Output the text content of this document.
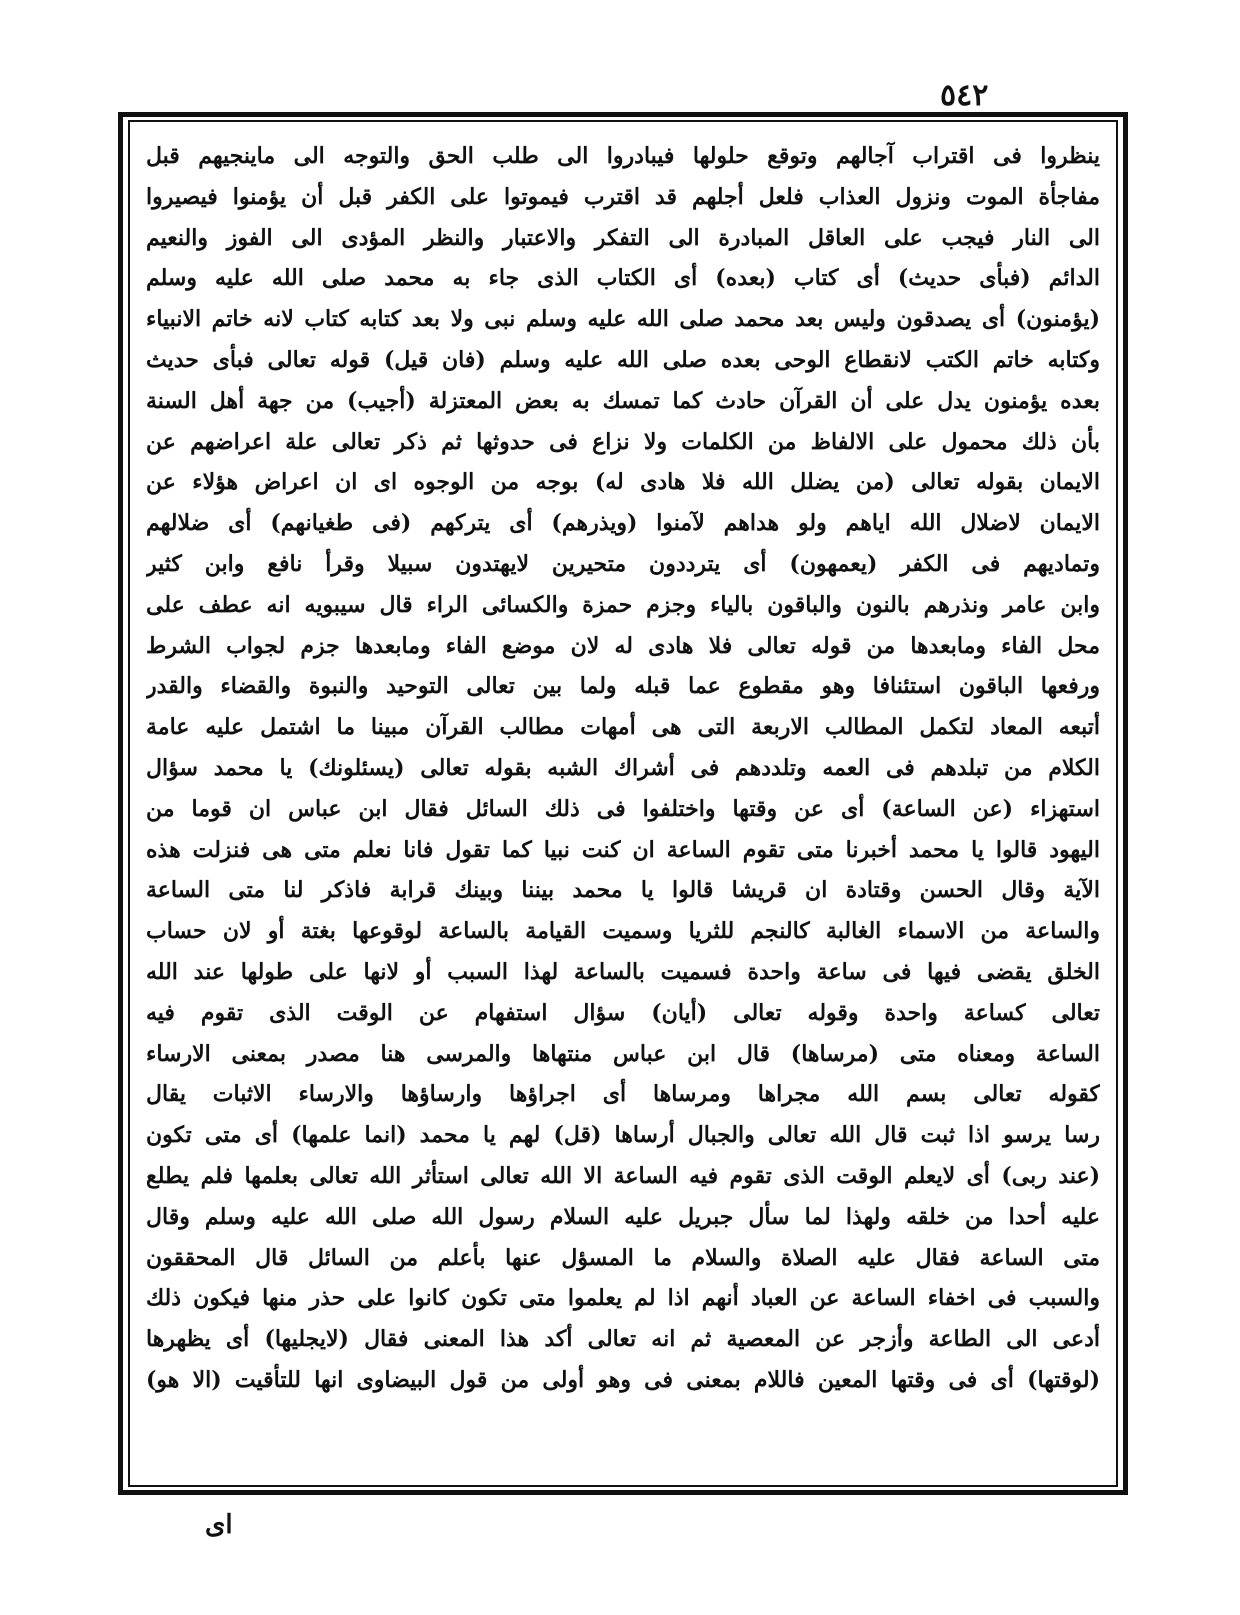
٥٤٢
ينظروا فى اقتراب آجالهم وتوقع حلولها فيبادروا الى طلب الحق والتوجه الى ماينجيهم قبل
مفاجأة الموت ونزول العذاب فلعل أجلهم قد اقترب فيموتوا على الكفر قبل أن يؤمنوا فيصيروا
الى النار فيجب على العاقل المبادرة الى التفكر والاعتبار والنظر المؤدى الى الفوز والنعيم
الدائم (فبأى حديث) أى كتاب (بعده) أى الكتاب الذى جاء به محمد صلى الله عليه وسلم
(يؤمنون) أى يصدقون وليس بعد محمد صلى الله عليه وسلم نبى ولا بعد كتابه كتاب لانه خاتم الانبياء
وكتابه خاتم الكتب لانقطاع الوحى بعده صلى الله عليه وسلم (فان قيل) قوله تعالى فبأى حديث
بعده يؤمنون يدل على أن القرآن حادث كما تمسك به بعض المعتزلة (أجيب) من جهة أهل السنة
بأن ذلك محمول على الالفاظ من الكلمات ولا نزاع فى حدوثها ثم ذكر تعالى علة اعراضهم عن
الايمان بقوله تعالى (من يضلل الله فلا هادى له) بوجه من الوجوه اى ان اعراض هؤلاء عن
الايمان لاضلال الله اياهم ولو هداهم لآمنوا (ويذرهم) أى يتركهم (فى طغيانهم) أى ضلالهم
وتماديهم فى الكفر (يعمهون) أى يترددون متحيرين لايهتدون سبيلا وقرأ نافع وابن كثير
وابن عامر ونذرهم بالنون والباقون بالياء وجزم حمزة والكسائى الراء قال سيبويه انه عطف على
محل الفاء ومابعدها من قوله تعالى فلا هادى له لان موضع الفاء ومابعدها جزم لجواب الشرط
ورفعها الباقون استئنافا وهو مقطوع عما قبله ولما بين تعالى التوحيد والنبوة والقضاء والقدر
أتبعه المعاد لتكمل المطالب الاربعة التى هى أمهات مطالب القرآن مبينا ما اشتمل عليه عامة
الكلام من تبلدهم فى العمه وتلددهم فى أشراك الشبه بقوله تعالى (يسئلونك) يا محمد سؤال
استهزاء (عن الساعة) أى عن وقتها واختلفوا فى ذلك السائل فقال ابن عباس ان قوما من
اليهود قالوا يا محمد أخبرنا متى تقوم الساعة ان كنت نبيا كما تقول فانا نعلم متى هى فنزلت هذه
الآية وقال الحسن وقتادة ان قريشا قالوا يا محمد بيننا وبينك قرابة فاذكر لنا متى الساعة
والساعة من الاسماء الغالبة كالنجم للثريا وسميت القيامة بالساعة لوقوعها بغتة أو لان حساب
الخلق يقضى فيها فى ساعة واحدة فسميت بالساعة لهذا السبب أو لانها على طولها عند الله
تعالى كساعة واحدة وقوله تعالى (أيان) سؤال استفهام عن الوقت الذى تقوم فيه
الساعة ومعناه متى (مرساها) قال ابن عباس منتهاها والمرسى هنا مصدر بمعنى الارساء
كقوله تعالى بسم الله مجراها ومرساها أى اجراؤها وارساؤها والارساء الاثبات يقال
رسا يرسو اذا ثبت قال الله تعالى والجبال أرساها (قل) لهم يا محمد (انما علمها) أى متى تكون
(عند ربى) أى لايعلم الوقت الذى تقوم فيه الساعة الا الله تعالى استأثر الله تعالى بعلمها فلم يطلع
عليه أحدا من خلقه ولهذا لما سأل جبريل عليه السلام رسول الله صلى الله عليه وسلم وقال
متى الساعة فقال عليه الصلاة والسلام ما المسؤل عنها بأعلم من السائل قال المحققون
والسبب فى اخفاء الساعة عن العباد أنهم اذا لم يعلموا متى تكون كانوا على حذر منها فيكون ذلك
أدعى الى الطاعة وأزجر عن المعصية ثم انه تعالى أكد هذا المعنى فقال (لايجليها) أى يظهرها
(لوقتها) أى فى وقتها المعين فاللام بمعنى فى وهو أولى من قول البيضاوى انها للتأقيت (الا هو)
اى
